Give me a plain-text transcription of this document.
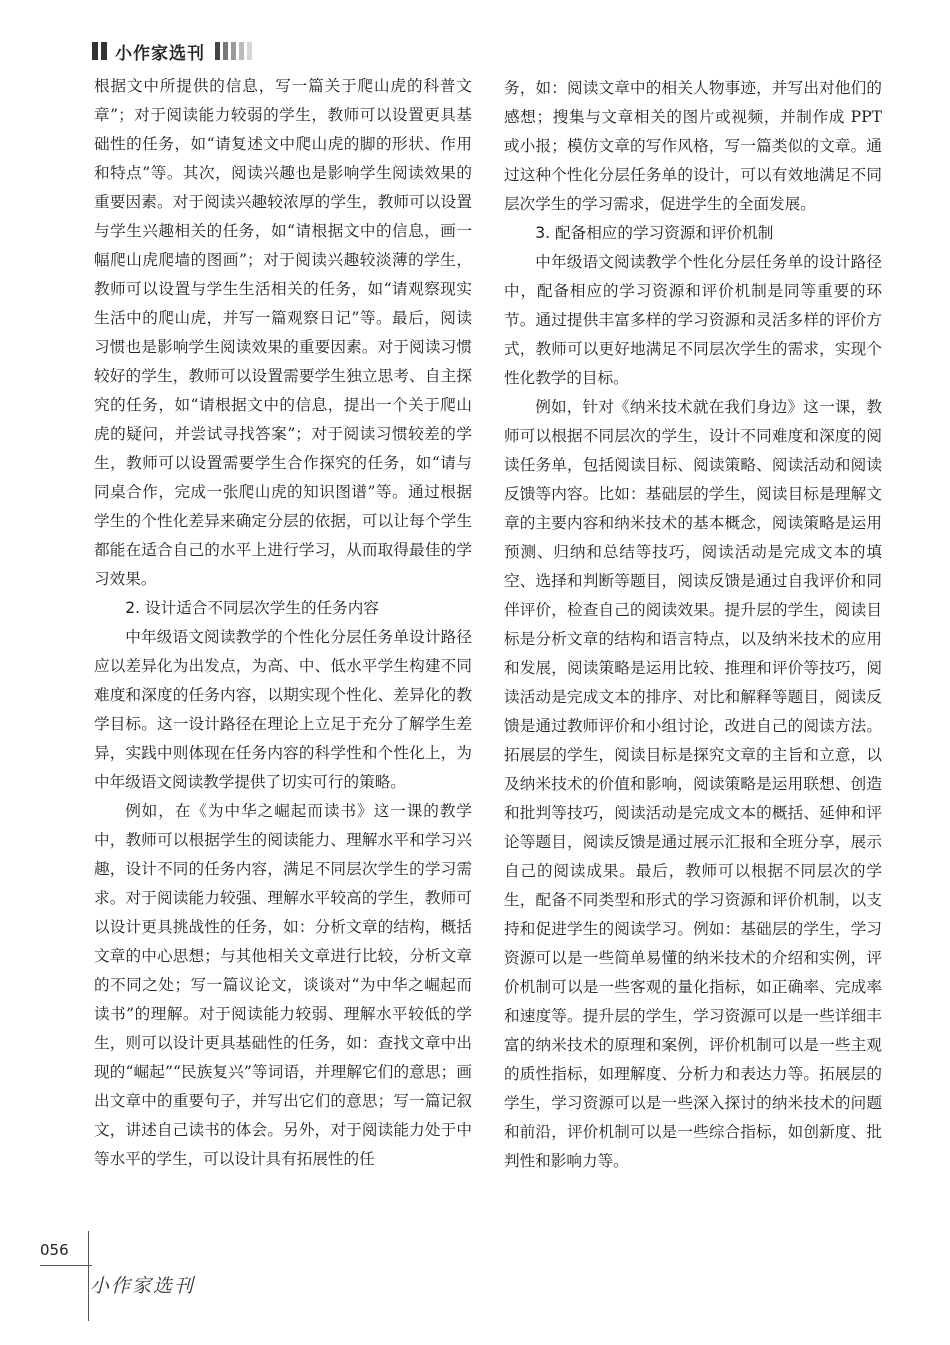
小作家选刊

根据文中所提供的信息，写一篇关于爬山虎的科普文章”；对于阅读能力较弱的学生，教师可以设置更具基础性的任务，如“请复述文中爬山虎的脚的形状、作用和特点”等。其次，阅读兴趣也是影响学生阅读效果的重要因素。对于阅读兴趣较浓厚的学生，教师可以设置与学生兴趣相关的任务，如“请根据文中的信息，画一幅爬山虎爬墙的图画”；对于阅读兴趣较淡薄的学生，教师可以设置与学生生活相关的任务，如“请观察现实生活中的爬山虎，并写一篇观察日记”等。最后，阅读习惯也是影响学生阅读效果的重要因素。对于阅读习惯较好的学生，教师可以设置需要学生独立思考、自主探究的任务，如“请根据文中的信息，提出一个关于爬山虎的疑问，并尝试寻找答案”；对于阅读习惯较差的学生，教师可以设置需要学生合作探究的任务，如“请与同桌合作，完成一张爬山虎的知识图谱”等。通过根据学生的个性化差异来确定分层的依据，可以让每个学生都能在适合自己的水平上进行学习，从而取得最佳的学习效果。

2. 设计适合不同层次学生的任务内容

中年级语文阅读教学的个性化分层任务单设计路径应以差异化为出发点，为高、中、低水平学生构建不同难度和深度的任务内容，以期实现个性化、差异化的教学目标。这一设计路径在理论上立足于充分了解学生差异，实践中则体现在任务内容的科学性和个性化上，为中年级语文阅读教学提供了切实可行的策略。

例如，在《为中华之崛起而读书》这一课的教学中，教师可以根据学生的阅读能力、理解水平和学习兴趣，设计不同的任务内容，满足不同层次学生的学习需求。对于阅读能力较强、理解水平较高的学生，教师可以设计更具挑战性的任务，如：分析文章的结构，概括文章的中心思想；与其他相关文章进行比较，分析文章的不同之处；写一篇议论文，谈谈对“为中华之崛起而读书”的理解。对于阅读能力较弱、理解水平较低的学生，则可以设计更具基础性的任务，如：查找文章中出现的“崛起”“民族复兴”等词语，并理解它们的意思；画出文章中的重要句子，并写出它们的意思；写一篇记叙文，讲述自己读书的体会。另外，对于阅读能力处于中等水平的学生，可以设计具有拓展性的任

务，如：阅读文章中的相关人物事迹，并写出对他们的感想；搜集与文章相关的图片或视频，并制作成 PPT 或小报；模仿文章的写作风格，写一篇类似的文章。通过这种个性化分层任务单的设计，可以有效地满足不同层次学生的学习需求，促进学生的全面发展。

3. 配备相应的学习资源和评价机制

中年级语文阅读教学个性化分层任务单的设计路径中，配备相应的学习资源和评价机制是同等重要的环节。通过提供丰富多样的学习资源和灵活多样的评价方式，教师可以更好地满足不同层次学生的需求，实现个性化教学的目标。

例如，针对《纳米技术就在我们身边》这一课，教师可以根据不同层次的学生，设计不同难度和深度的阅读任务单，包括阅读目标、阅读策略、阅读活动和阅读反馈等内容。比如：基础层的学生，阅读目标是理解文章的主要内容和纳米技术的基本概念，阅读策略是运用预测、归纳和总结等技巧，阅读活动是完成文本的填空、选择和判断等题目，阅读反馈是通过自我评价和同伴评价，检查自己的阅读效果。提升层的学生，阅读目标是分析文章的结构和语言特点，以及纳米技术的应用和发展，阅读策略是运用比较、推理和评价等技巧，阅读活动是完成文本的排序、对比和解释等题目，阅读反馈是通过教师评价和小组讨论，改进自己的阅读方法。拓展层的学生，阅读目标是探究文章的主旨和立意，以及纳米技术的价值和影响，阅读策略是运用联想、创造和批判等技巧，阅读活动是完成文本的概括、延伸和评论等题目，阅读反馈是通过展示汇报和全班分享，展示自己的阅读成果。最后，教师可以根据不同层次的学生，配备不同类型和形式的学习资源和评价机制，以支持和促进学生的阅读学习。例如：基础层的学生，学习资源可以是一些简单易懂的纳米技术的介绍和实例，评价机制可以是一些客观的量化指标，如正确率、完成率和速度等。提升层的学生，学习资源可以是一些详细丰富的纳米技术的原理和案例，评价机制可以是一些主观的质性指标，如理解度、分析力和表达力等。拓展层的学生，学习资源可以是一些深入探讨的纳米技术的问题和前沿，评价机制可以是一些综合指标，如创新度、批判性和影响力等。

056
小作家选刊
